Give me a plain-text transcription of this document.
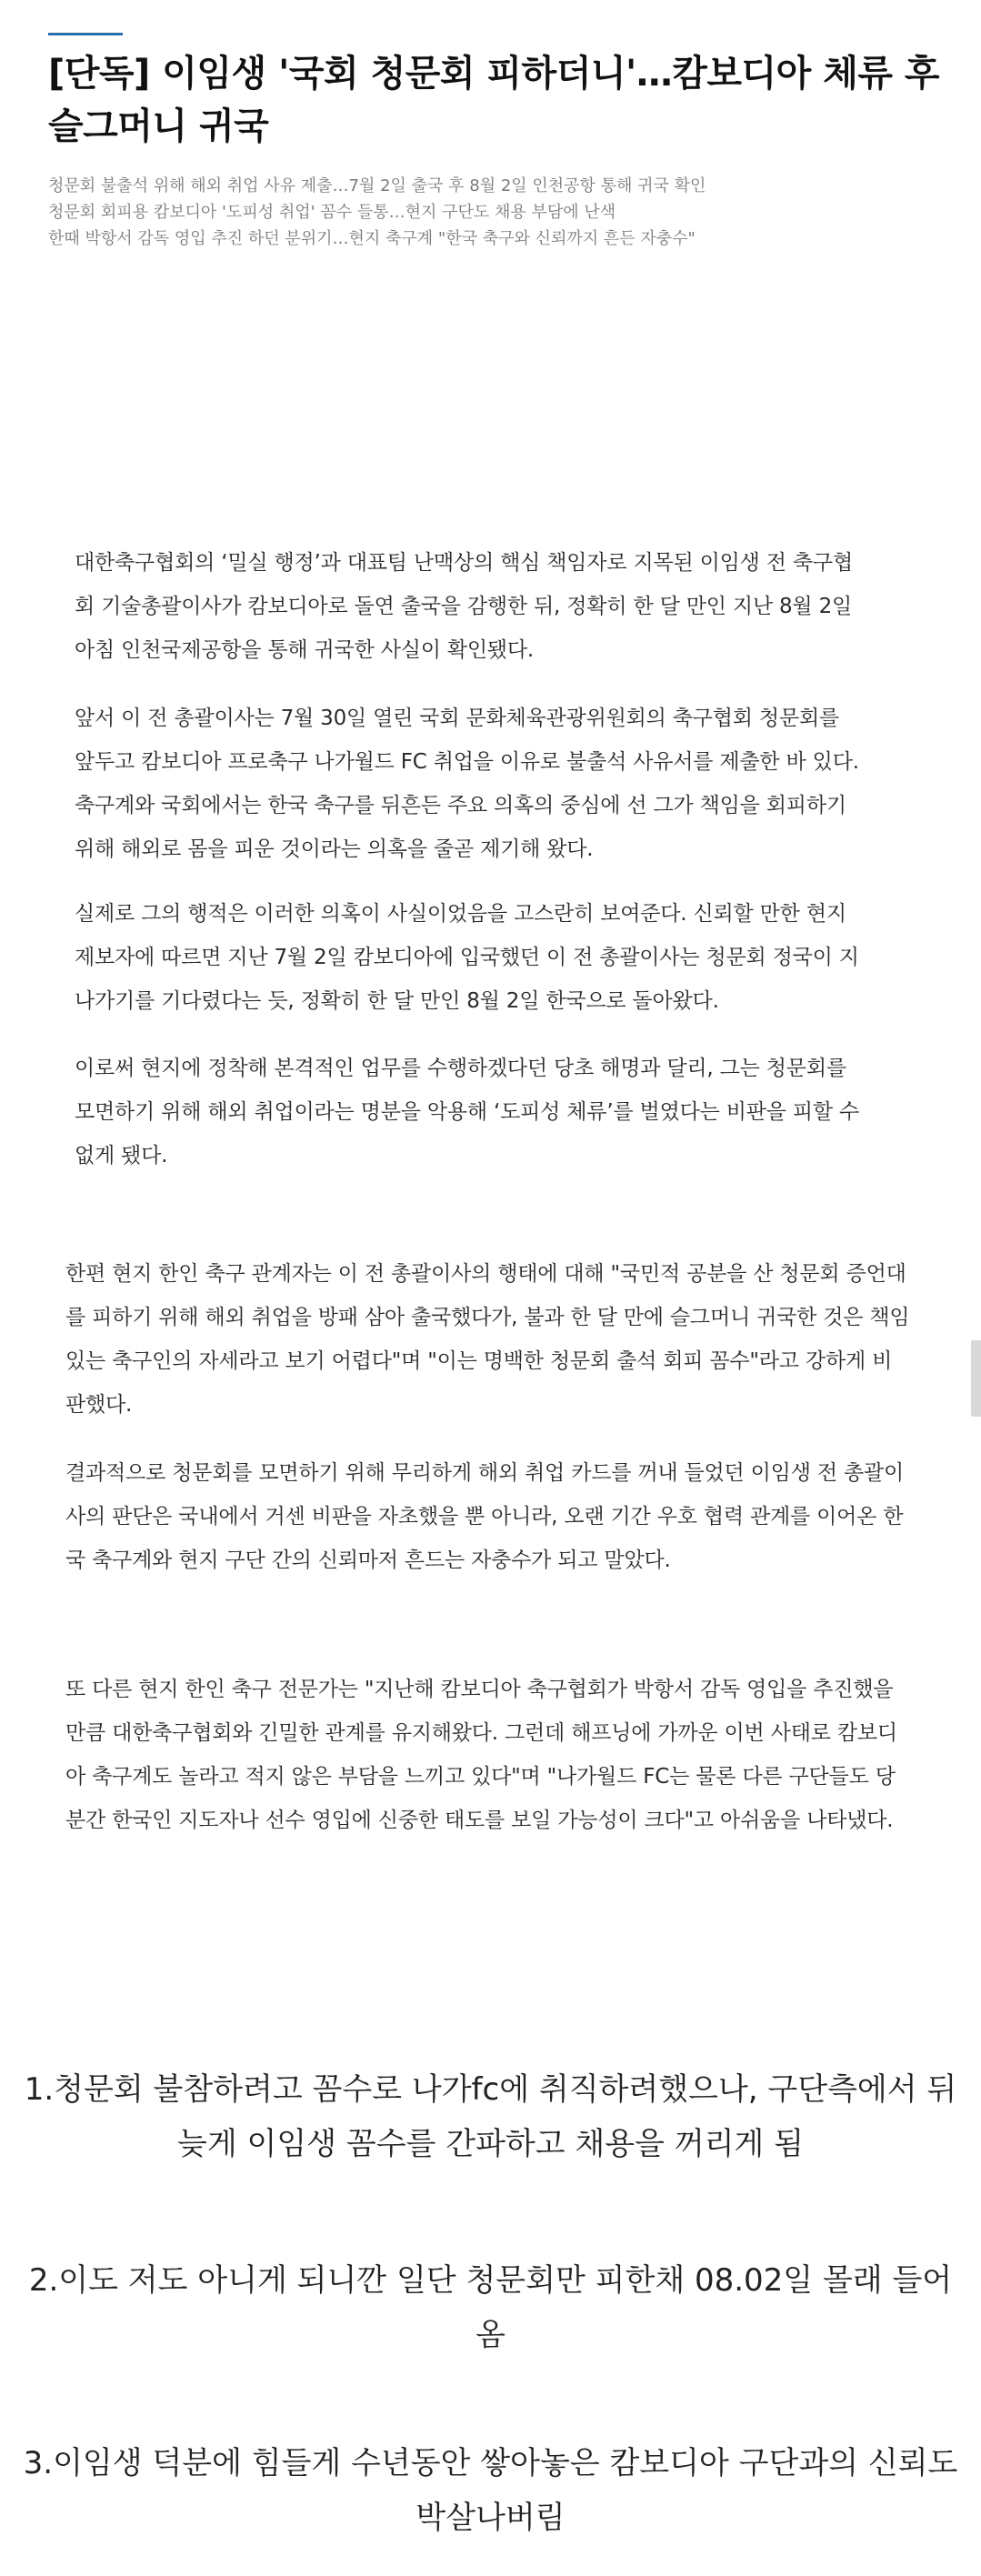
[단독] 이임생 '국회 청문회 피하더니'…캄보디아 체류 후 슬그머니 귀국
청문회 불출석 위해 해외 취업 사유 제출…7월 2일 출국 후 8월 2일 인천공항 통해 귀국 확인
청문회 회피용 캄보디아 '도피성 취업' 꼼수 들통…현지 구단도 채용 부담에 난색
한때 박항서 감독 영입 추진 하던 분위기…현지 축구계 "한국 축구와 신뢰까지 흔든 자충수"

대한축구협회의 ‘밀실 행정’과 대표팀 난맥상의 핵심 책임자로 지목된 이임생 전 축구협회 기술총괄이사가 캄보디아로 돌연 출국을 감행한 뒤, 정확히 한 달 만인 지난 8월 2일 아침 인천국제공항을 통해 귀국한 사실이 확인됐다.

앞서 이 전 총괄이사는 7월 30일 열린 국회 문화체육관광위원회의 축구협회 청문회를 앞두고 캄보디아 프로축구 나가월드 FC 취업을 이유로 불출석 사유서를 제출한 바 있다. 축구계와 국회에서는 한국 축구를 뒤흔든 주요 의혹의 중심에 선 그가 책임을 회피하기 위해 해외로 몸을 피운 것이라는 의혹을 줄곧 제기해 왔다.

실제로 그의 행적은 이러한 의혹이 사실이었음을 고스란히 보여준다. 신뢰할 만한 현지 제보자에 따르면 지난 7월 2일 캄보디아에 입국했던 이 전 총괄이사는 청문회 정국이 지나가기를 기다렸다는 듯, 정확히 한 달 만인 8월 2일 한국으로 돌아왔다.

이로써 현지에 정착해 본격적인 업무를 수행하겠다던 당초 해명과 달리, 그는 청문회를 모면하기 위해 해외 취업이라는 명분을 악용해 ‘도피성 체류’를 벌였다는 비판을 피할 수 없게 됐다.

한편 현지 한인 축구 관계자는 이 전 총괄이사의 행태에 대해 "국민적 공분을 산 청문회 증언대를 피하기 위해 해외 취업을 방패 삼아 출국했다가, 불과 한 달 만에 슬그머니 귀국한 것은 책임 있는 축구인의 자세라고 보기 어렵다"며 "이는 명백한 청문회 출석 회피 꼼수"라고 강하게 비판했다.

결과적으로 청문회를 모면하기 위해 무리하게 해외 취업 카드를 꺼내 들었던 이임생 전 총괄이사의 판단은 국내에서 거센 비판을 자초했을 뿐 아니라, 오랜 기간 우호 협력 관계를 이어온 한국 축구계와 현지 구단 간의 신뢰마저 흔드는 자충수가 되고 말았다.

또 다른 현지 한인 축구 전문가는 "지난해 캄보디아 축구협회가 박항서 감독 영입을 추진했을 만큼 대한축구협회와 긴밀한 관계를 유지해왔다. 그런데 해프닝에 가까운 이번 사태로 캄보디아 축구계도 놀라고 적지 않은 부담을 느끼고 있다"며 "나가월드 FC는 물론 다른 구단들도 당분간 한국인 지도자나 선수 영입에 신중한 태도를 보일 가능성이 크다"고 아쉬움을 나타냈다.

1.청문회 불참하려고 꼼수로 나가fc에 취직하려했으나, 구단측에서 뒤늦게 이임생 꼼수를 간파하고 채용을 꺼리게 됨

2.이도 저도 아니게 되니깐 일단 청문회만 피한채 08.02일 몰래 들어옴

3.이임생 덕분에 힘들게 수년동안 쌓아놓은 캄보디아 구단과의 신뢰도 박살나버림
